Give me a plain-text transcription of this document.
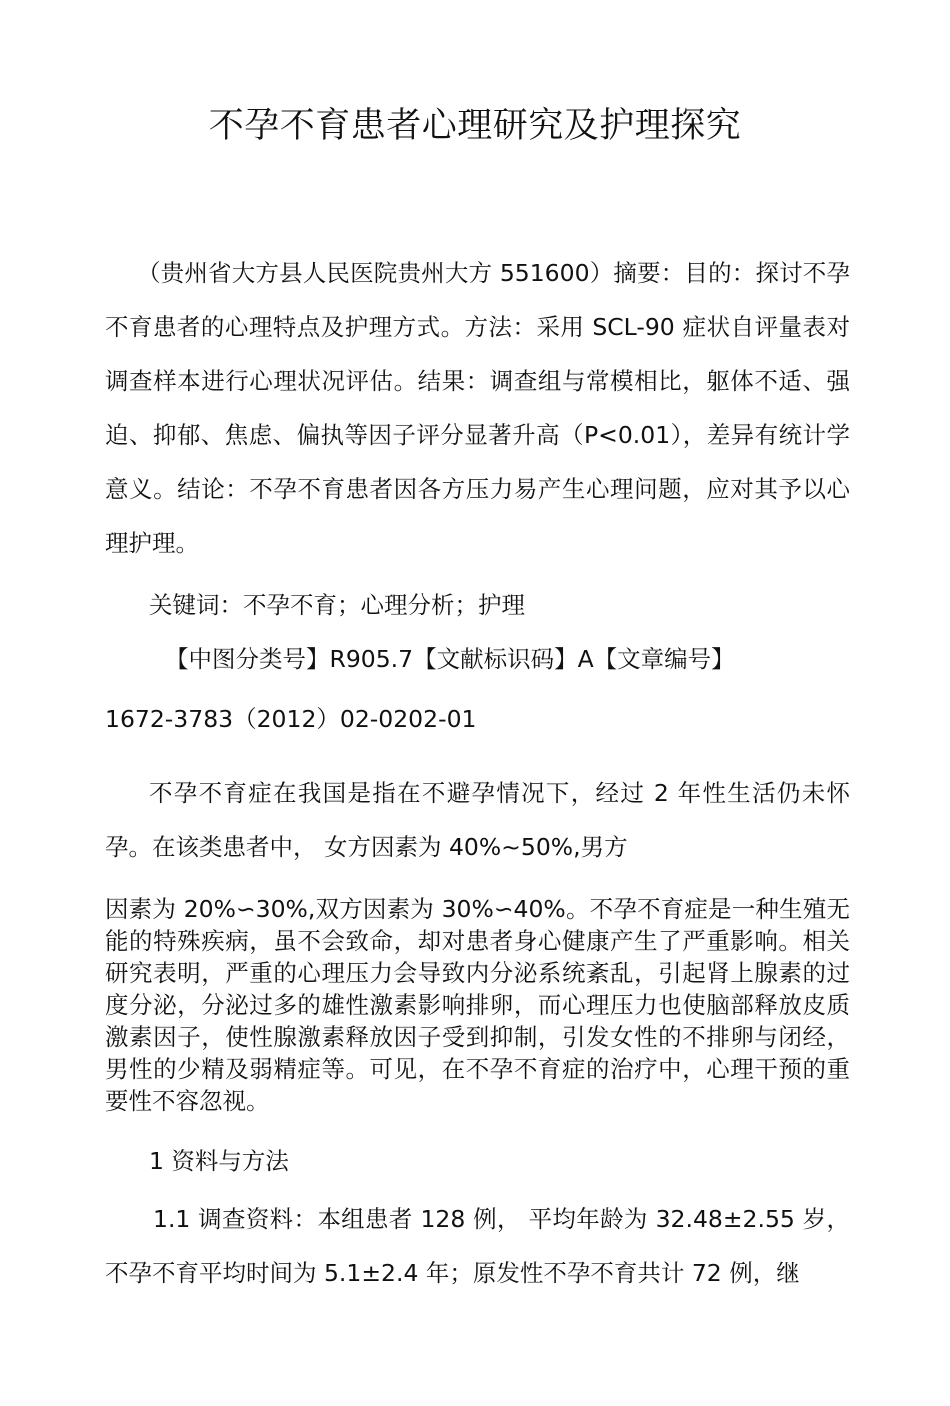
不孕不育患者心理研究及护理探究

（贵州省大方县人民医院贵州大方 551600）摘要：目的：探讨不孕不育患者的心理特点及护理方式。方法：采用 SCL-90 症状自评量表对调查样本进行心理状况评估。结果：调查组与常模相比，躯体不适、强迫、抑郁、焦虑、偏执等因子评分显著升高（P<0.01），差异有统计学意义。结论：不孕不育患者因各方压力易产生心理问题，应对其予以心理护理。

关键词：不孕不育；心理分析；护理

【中图分类号】R905.7【文献标识码】A【文章编号】

1672-3783（2012）02-0202-01

不孕不育症在我国是指在不避孕情况下，经过 2 年性生活仍未怀孕。在该类患者中， 女方因素为 40%~50%,男方

因素为 20%∽30%,双方因素为 30%∽40%。不孕不育症是一种生殖无能的特殊疾病，虽不会致命，却对患者身心健康产生了严重影响。相关研究表明，严重的心理压力会导致内分泌系统紊乱，引起肾上腺素的过度分泌，分泌过多的雄性激素影响排卵，而心理压力也使脑部释放皮质激素因子，使性腺激素释放因子受到抑制，引发女性的不排卵与闭经，男性的少精及弱精症等。可见，在不孕不育症的治疗中，心理干预的重要性不容忽视。

1 资料与方法

1.1 调查资料：本组患者 128 例， 平均年龄为 32.48±2.55 岁，不孕不育平均时间为 5.1±2.4 年；原发性不孕不育共计 72 例，继
